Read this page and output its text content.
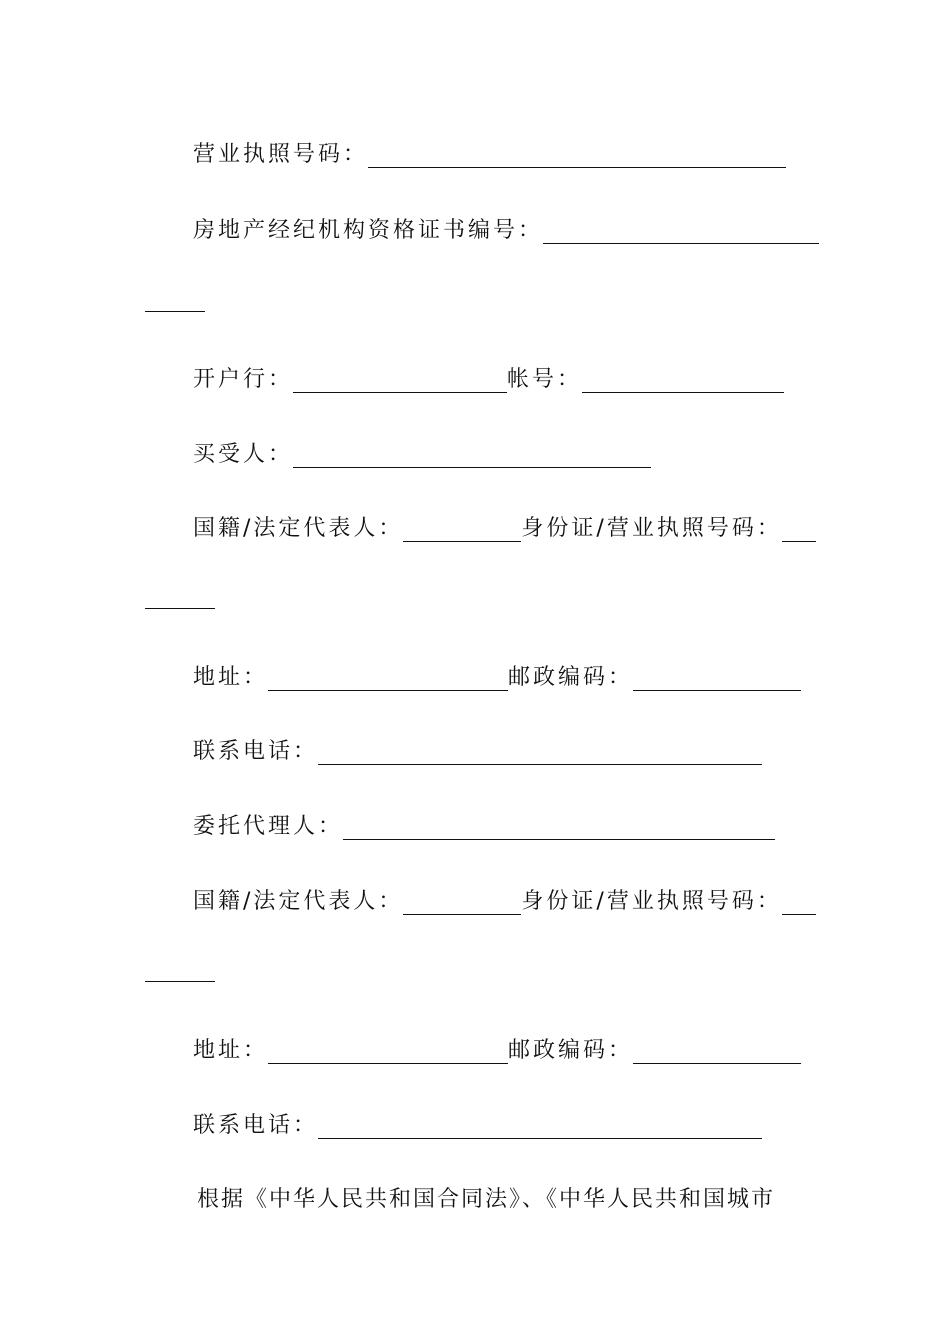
营业执照号码：
房地产经纪机构资格证书编号：
开户行：	帐号：
买受人：
国籍/法定代表人：	身份证/营业执照号码：
地址：	邮政编码：
联系电话：
委托代理人：
国籍/法定代表人：	身份证/营业执照号码：
地址：	邮政编码：
联系电话：
根据《中华人民共和国合同法》、《中华人民共和国城市
